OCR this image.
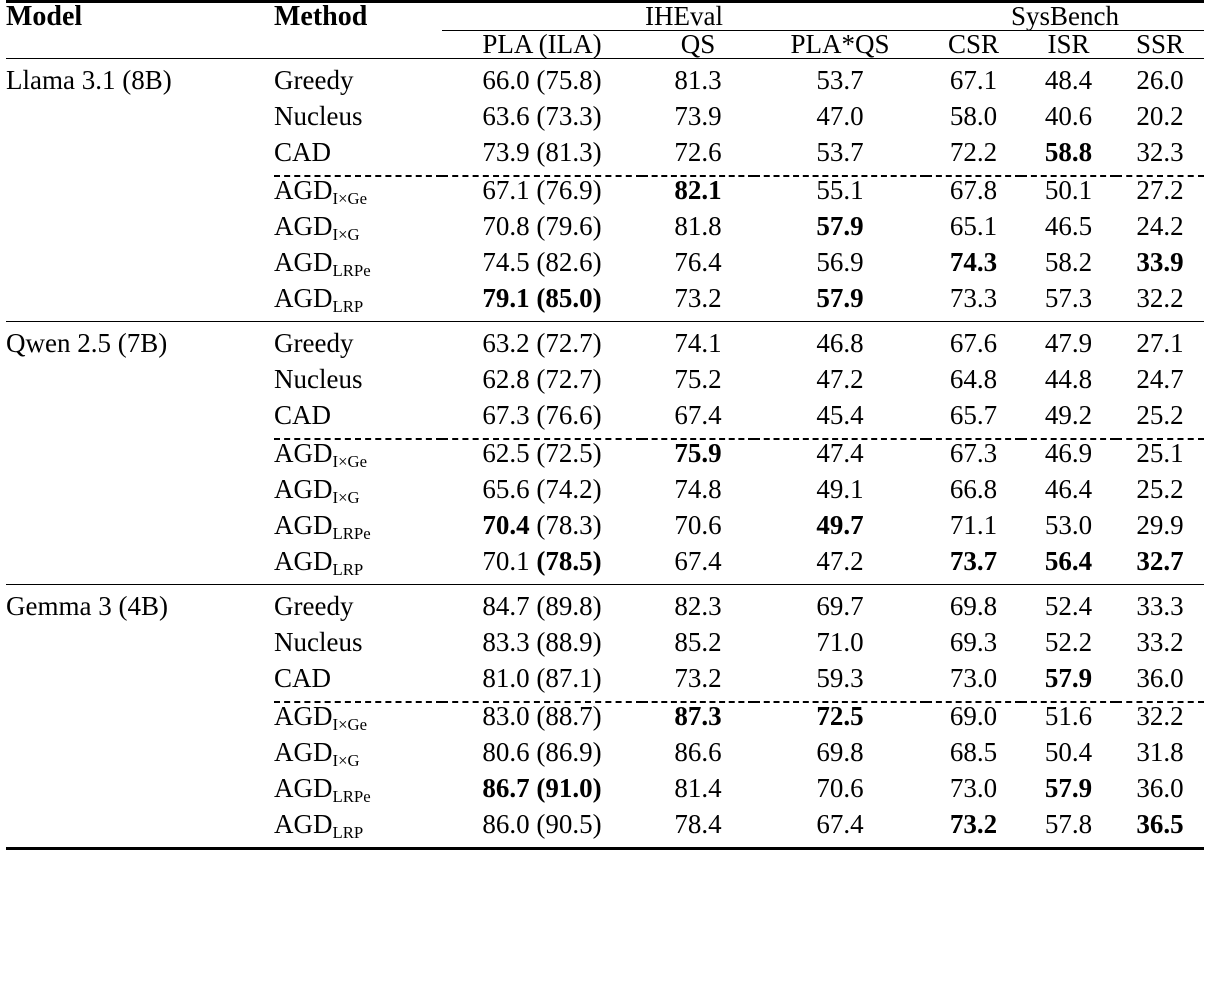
Model	Method	IHEval			SysBench		
		PLA (ILA)	QS	PLA*QS	CSR	ISR	SSR

Llama 3.1 (8B)	Greedy	66.0 (75.8)	81.3	53.7	67.1	48.4	26.0
	Nucleus	63.6 (73.3)	73.9	47.0	58.0	40.6	20.2
	CAD	73.9 (81.3)	72.6	53.7	72.2	58.8	32.3

	$AGD_{I\times Ge}$	67.1 (76.9)	82.1	55.1	67.8	50.1	27.2
	$AGD_{I\times G}$	70.8 (79.6)	81.8	57.9	65.1	46.5	24.2
	$AGD_{LRPe}$	74.5 (82.6)	76.4	56.9	74.3	58.2	33.9
	$AGD_{LRP}$	79.1 (85.0)	73.2	57.9	73.3	57.3	32.2

Qwen 2.5 (7B)	Greedy	63.2 (72.7)	74.1	46.8	67.6	47.9	27.1
	Nucleus	62.8 (72.7)	75.2	47.2	64.8	44.8	24.7
	CAD	67.3 (76.6)	67.4	45.4	65.7	49.2	25.2

	$AGD_{I\times Ge}$	62.5 (72.5)	75.9	47.4	67.3	46.9	25.1
	$AGD_{I\times G}$	65.6 (74.2)	74.8	49.1	66.8	46.4	25.2
	$AGD_{LRPe}$	70.4 (78.3)	70.6	49.7	71.1	53.0	29.9
	$AGD_{LRP}$	70.1 (78.5)	67.4	47.2	73.7	56.4	32.7

Gemma 3 (4B)	Greedy	84.7 (89.8)	82.3	69.7	69.8	52.4	33.3
	Nucleus	83.3 (88.9)	85.2	71.0	69.3	52.2	33.2
	CAD	81.0 (87.1)	73.2	59.3	73.0	57.9	36.0

	$AGD_{I\times Ge}$	83.0 (88.7)	87.3	72.5	69.0	51.6	32.2
	$AGD_{I\times G}$	80.6 (86.9)	86.6	69.8	68.5	50.4	31.8
	$AGD_{LRPe}$	86.7 (91.0)	81.4	70.6	73.0	57.9	36.0
	$AGD_{LRP}$	86.0 (90.5)	78.4	67.4	73.2	57.8	36.5
